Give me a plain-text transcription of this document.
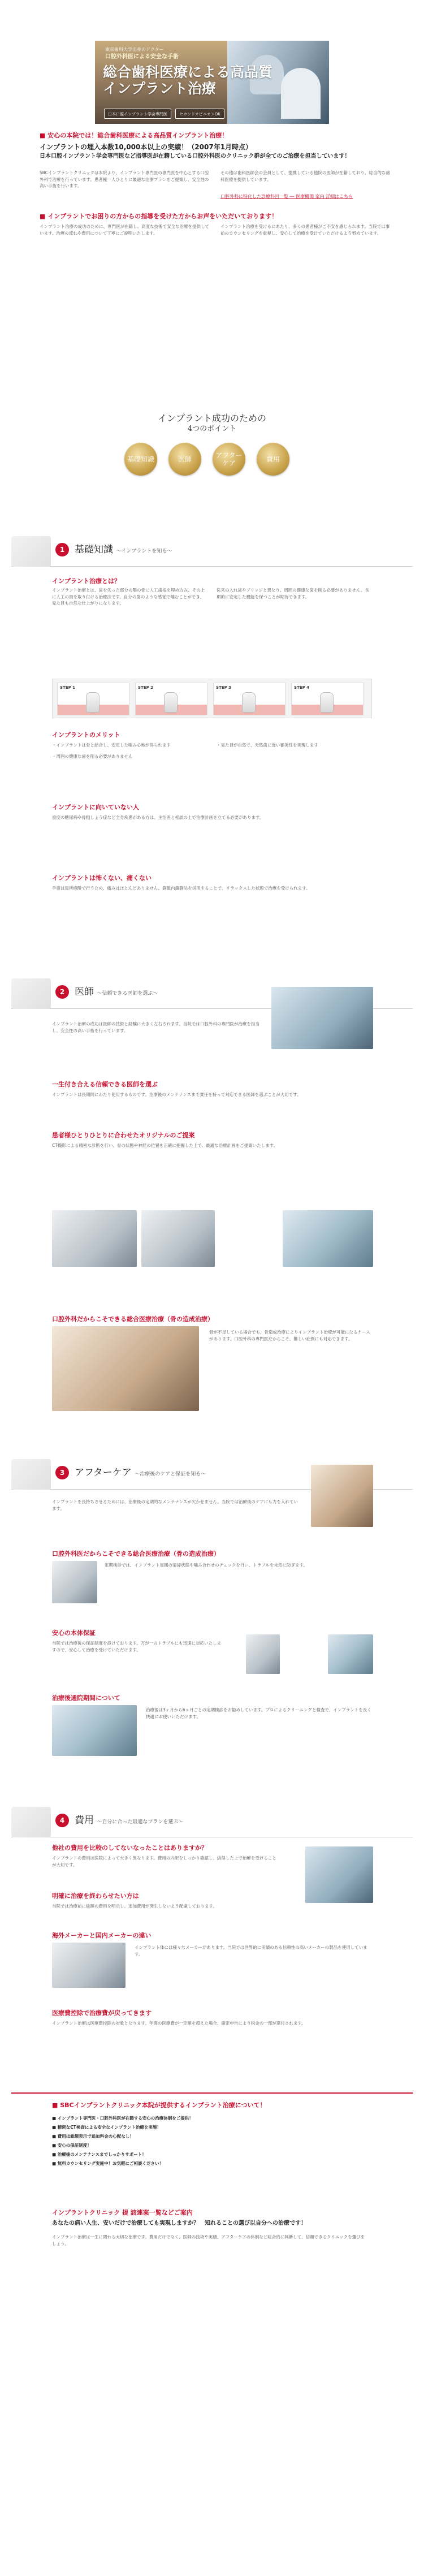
東京歯科大学出身のドクター
口腔外科医による安全な手術
総合歯科医療による高品質インプラント治療
日本口腔インプラント学会専門医	セカンドオピニオンOK
■ 安心の本院では！総合歯科医療による高品質インプラント治療！
インプラントの埋入本数10,000本以上の実績！（2007年1月時点）
日本口腔インプラント学会専門医など指導医が在籍している口腔外科医のクリニック群が全てのご治療を担当しています！
SBCインプラントクリニックは本院より、インプラント専門医の専門医を中心とする口腔外科で治療を行っています。患者様一人ひとりに最適な治療プランをご提案し、安全性の高い手術を行います。
その他は歯科医師会の会員として、提携している他院の医師が在籍しており、総合的な歯科医療を提供しています。
口腔外科に特化した診療科目一覧 ― 医療機関 案内 詳細はこちら
■ インプラントでお困りの方からの指導を受けた方からお声をいただいております！
インプラント治療の成功のために、専門医が在籍し、高度な技術で安全な治療を提供しています。治療の流れや費用について丁寧にご説明いたします。
インプラント治療を受けるにあたり、多くの患者様がご不安を感じられます。当院では事前のカウンセリングを重視し、安心して治療を受けていただけるよう努めています。
インプラント成功のための
4つのポイント
基礎知識	医師
アフターケア
費用
1	基礎知識 ～インプラントを知る～
インプラント治療とは？
インプラント治療とは、歯を失った部分の顎の骨に人工歯根を埋め込み、その上に人工の歯を取り付ける治療法です。自分の歯のような感覚で噛むことができ、見た目も自然な仕上がりになります。
従来の入れ歯やブリッジと異なり、周囲の健康な歯を削る必要がありません。長期的に安定した機能を保つことが期待できます。
STEP 1	STEP 2	STEP 3	STEP 4
インプラントのメリット
・インプラントは骨と結合し、安定した噛み心地が得られます
・周囲の健康な歯を削る必要がありません
・見た目が自然で、天然歯に近い審美性を実現します
インプラントに向いていない人
重度の糖尿病や骨粗しょう症など全身疾患がある方は、主治医と相談の上で治療計画を立てる必要があります。
インプラントは怖くない、痛くない
手術は局所麻酔で行うため、痛みはほとんどありません。静脈内鎮静法を併用することで、リラックスした状態で治療を受けられます。
2	医師 ～信頼できる医師を選ぶ～
インプラント治療の成功は医師の技術と経験に大きく左右されます。当院では口腔外科の専門医が治療を担当し、安全性の高い手術を行っています。
一生付き合える信頼できる医師を選ぶ
インプラントは長期間にわたり使用するものです。治療後のメンテナンスまで責任を持って対応できる医師を選ぶことが大切です。
患者様ひとりひとりに合わせたオリジナルのご提案
CT撮影による精密な診断を行い、骨の状態や神経の位置を正確に把握した上で、最適な治療計画をご提案いたします。
口腔外科だからこそできる総合医療治療（骨の造成治療）
骨が不足している場合でも、骨造成治療によりインプラント治療が可能になるケースがあります。口腔外科の専門医だからこそ、難しい症例にも対応できます。
3	アフターケア ～治療後のケアと保証を知る～
インプラントを長持ちさせるためには、治療後の定期的なメンテナンスが欠かせません。当院では治療後のケアにも力を入れています。
口腔外科医だからこそできる総合医療治療（骨の造成治療）
定期検診では、インプラント周囲の清掃状態や噛み合わせのチェックを行い、トラブルを未然に防ぎます。
安心の本体保証
当院では治療後の保証制度を設けております。万が一のトラブルにも迅速に対応いたしますので、安心して治療を受けていただけます。
治療後通院期間について
治療後は3ヶ月から6ヶ月ごとの定期検診をお勧めしています。プロによるクリーニングと検査で、インプラントを長く快適にお使いいただけます。
4	費用 ～自分に合った最適なプランを選ぶ～
他社の費用を比較のしてないなったことはありますか？
インプラントの費用は医院によって大きく異なります。費用の内訳をしっかり確認し、納得した上で治療を受けることが大切です。
明確に治療を終わらせたい方は
当院では治療前に総額の費用を明示し、追加費用が発生しないよう配慮しております。
海外メーカーと国内メーカーの違い
インプラント体には様々なメーカーがあります。当院では世界的に実績のある信頼性の高いメーカーの製品を使用しています。
医療費控除で治療費が戻ってきます
インプラント治療は医療費控除の対象となります。年間の医療費が一定額を超えた場合、確定申告により税金の一部が還付されます。
■ SBCインプラントクリニック本院が提供するインプラント治療について！
■ インプラント専門医・口腔外科医が在籍する安心の治療体制をご提供！
■ 精密なCT検査による安全なインプラント治療を実施！
■ 費用は総額表示で追加料金の心配なし！
■ 安心の保証制度！
■ 治療後のメンテナンスまでしっかりサポート！
■ 無料カウンセリング実施中！お気軽にご相談ください！
インプラントクリニック 提 該連案一覧などご案内
あなたの病い人生、安いだけで治療しても実現しますか？　知れることの選び以自分への治療です！
インプラント治療は一生に関わる大切な治療です。費用だけでなく、医師の技術や実績、アフターケアの体制など総合的に判断して、信頼できるクリニックを選びましょう。
